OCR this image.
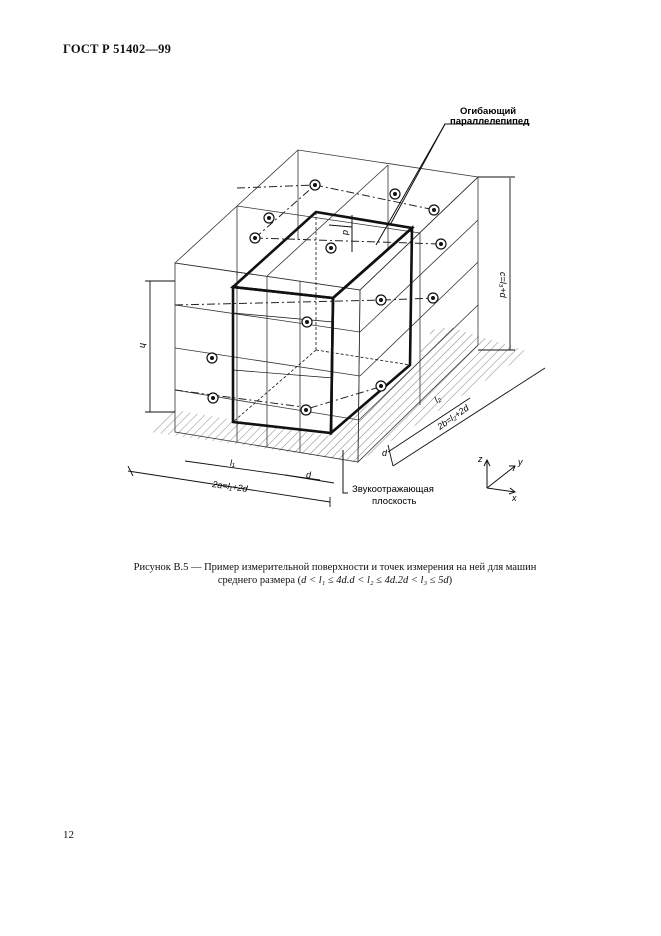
ГОСТ Р 51402—99
Огибающий
параллелепипед
Звукоотражающая
плоскость
2a=l₁+2d
l₁
d
2b=l₂+2d
l₂
d
c=l₃+d
h
d
z	y
x
Рисунок В.5 — Пример измерительной поверхности и точек измерения на ней для машин
среднего размера (d < l₁ ≤ 4d.d < l₂ ≤ 4d.2d < l₃ ≤ 5d)
12
